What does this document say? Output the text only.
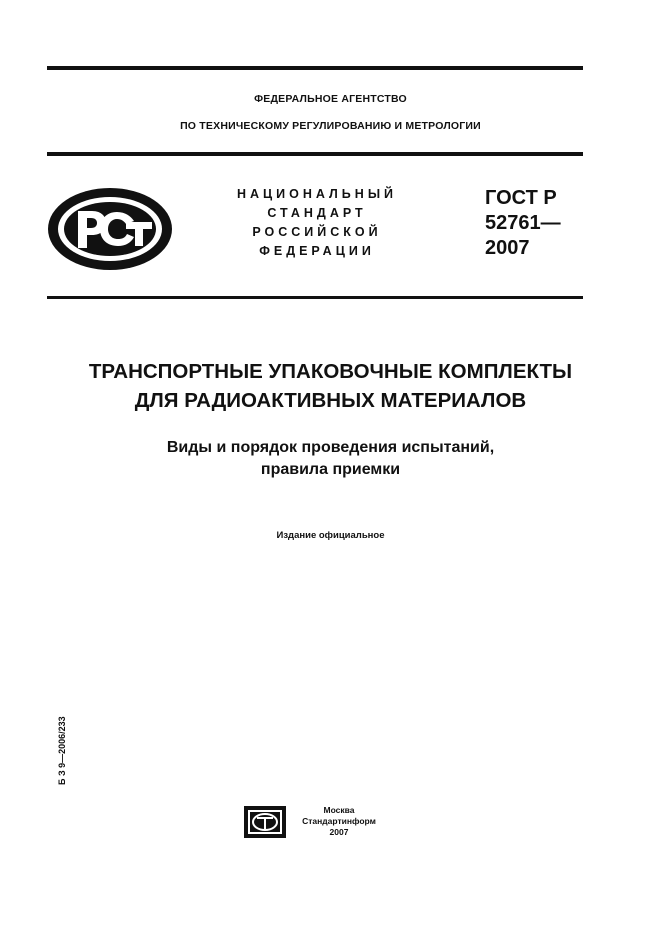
ФЕДЕРАЛЬНОЕ АГЕНТСТВО
ПО ТЕХНИЧЕСКОМУ РЕГУЛИРОВАНИЮ И МЕТРОЛОГИИ
НАЦИОНАЛЬНЫЙ
СТАНДАРТ
РОССИЙСКОЙ
ФЕДЕРАЦИИ
ГОСТ Р
52761—
2007
ТРАНСПОРТНЫЕ УПАКОВОЧНЫЕ КОМПЛЕКТЫ
ДЛЯ РАДИОАКТИВНЫХ МАТЕРИАЛОВ
Виды и порядок проведения испытаний,
правила приемки
Издание официальное
Б З 9—2006/233
Москва
Стандартинформ
2007
